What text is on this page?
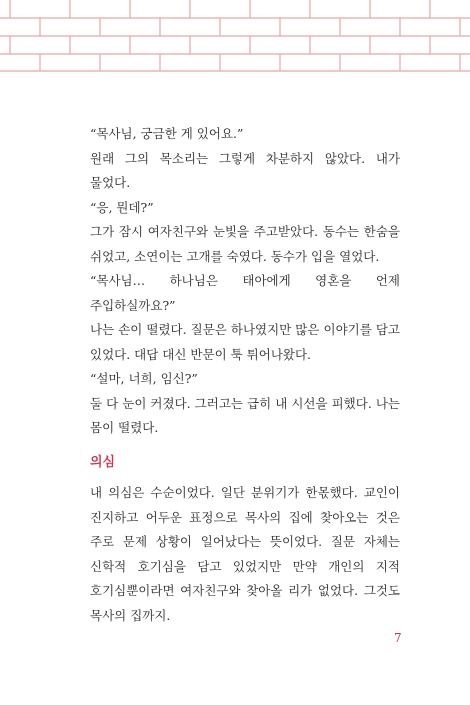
“목사님, 궁금한 게 있어요.”

원래 그의 목소리는 그렇게 차분하지 않았다. 내가 물었다.

“응, 뭔데?”

그가 잠시 여자친구와 눈빛을 주고받았다. 동수는 한숨을 쉬었고, 소연이는 고개를 숙였다. 동수가 입을 열었다.

“목사님… 하나님은 태아에게 영혼을 언제 주입하실까요?”

나는 손이 떨렸다. 질문은 하나였지만 많은 이야기를 담고 있었다. 대답 대신 반문이 툭 튀어나왔다.

“설마, 너희, 임신?”

둘 다 눈이 커졌다. 그러고는 급히 내 시선을 피했다. 나는 몸이 떨렸다.

의심

내 의심은 수순이었다. 일단 분위기가 한몫했다. 교인이 진지하고 어두운 표정으로 목사의 집에 찾아오는 것은 주로 문제 상황이 일어났다는 뜻이었다. 질문 자체는 신학적 호기심을 담고 있었지만 만약 개인의 지적 호기심뿐이라면 여자친구와 찾아올 리가 없었다. 그것도 목사의 집까지.

7
